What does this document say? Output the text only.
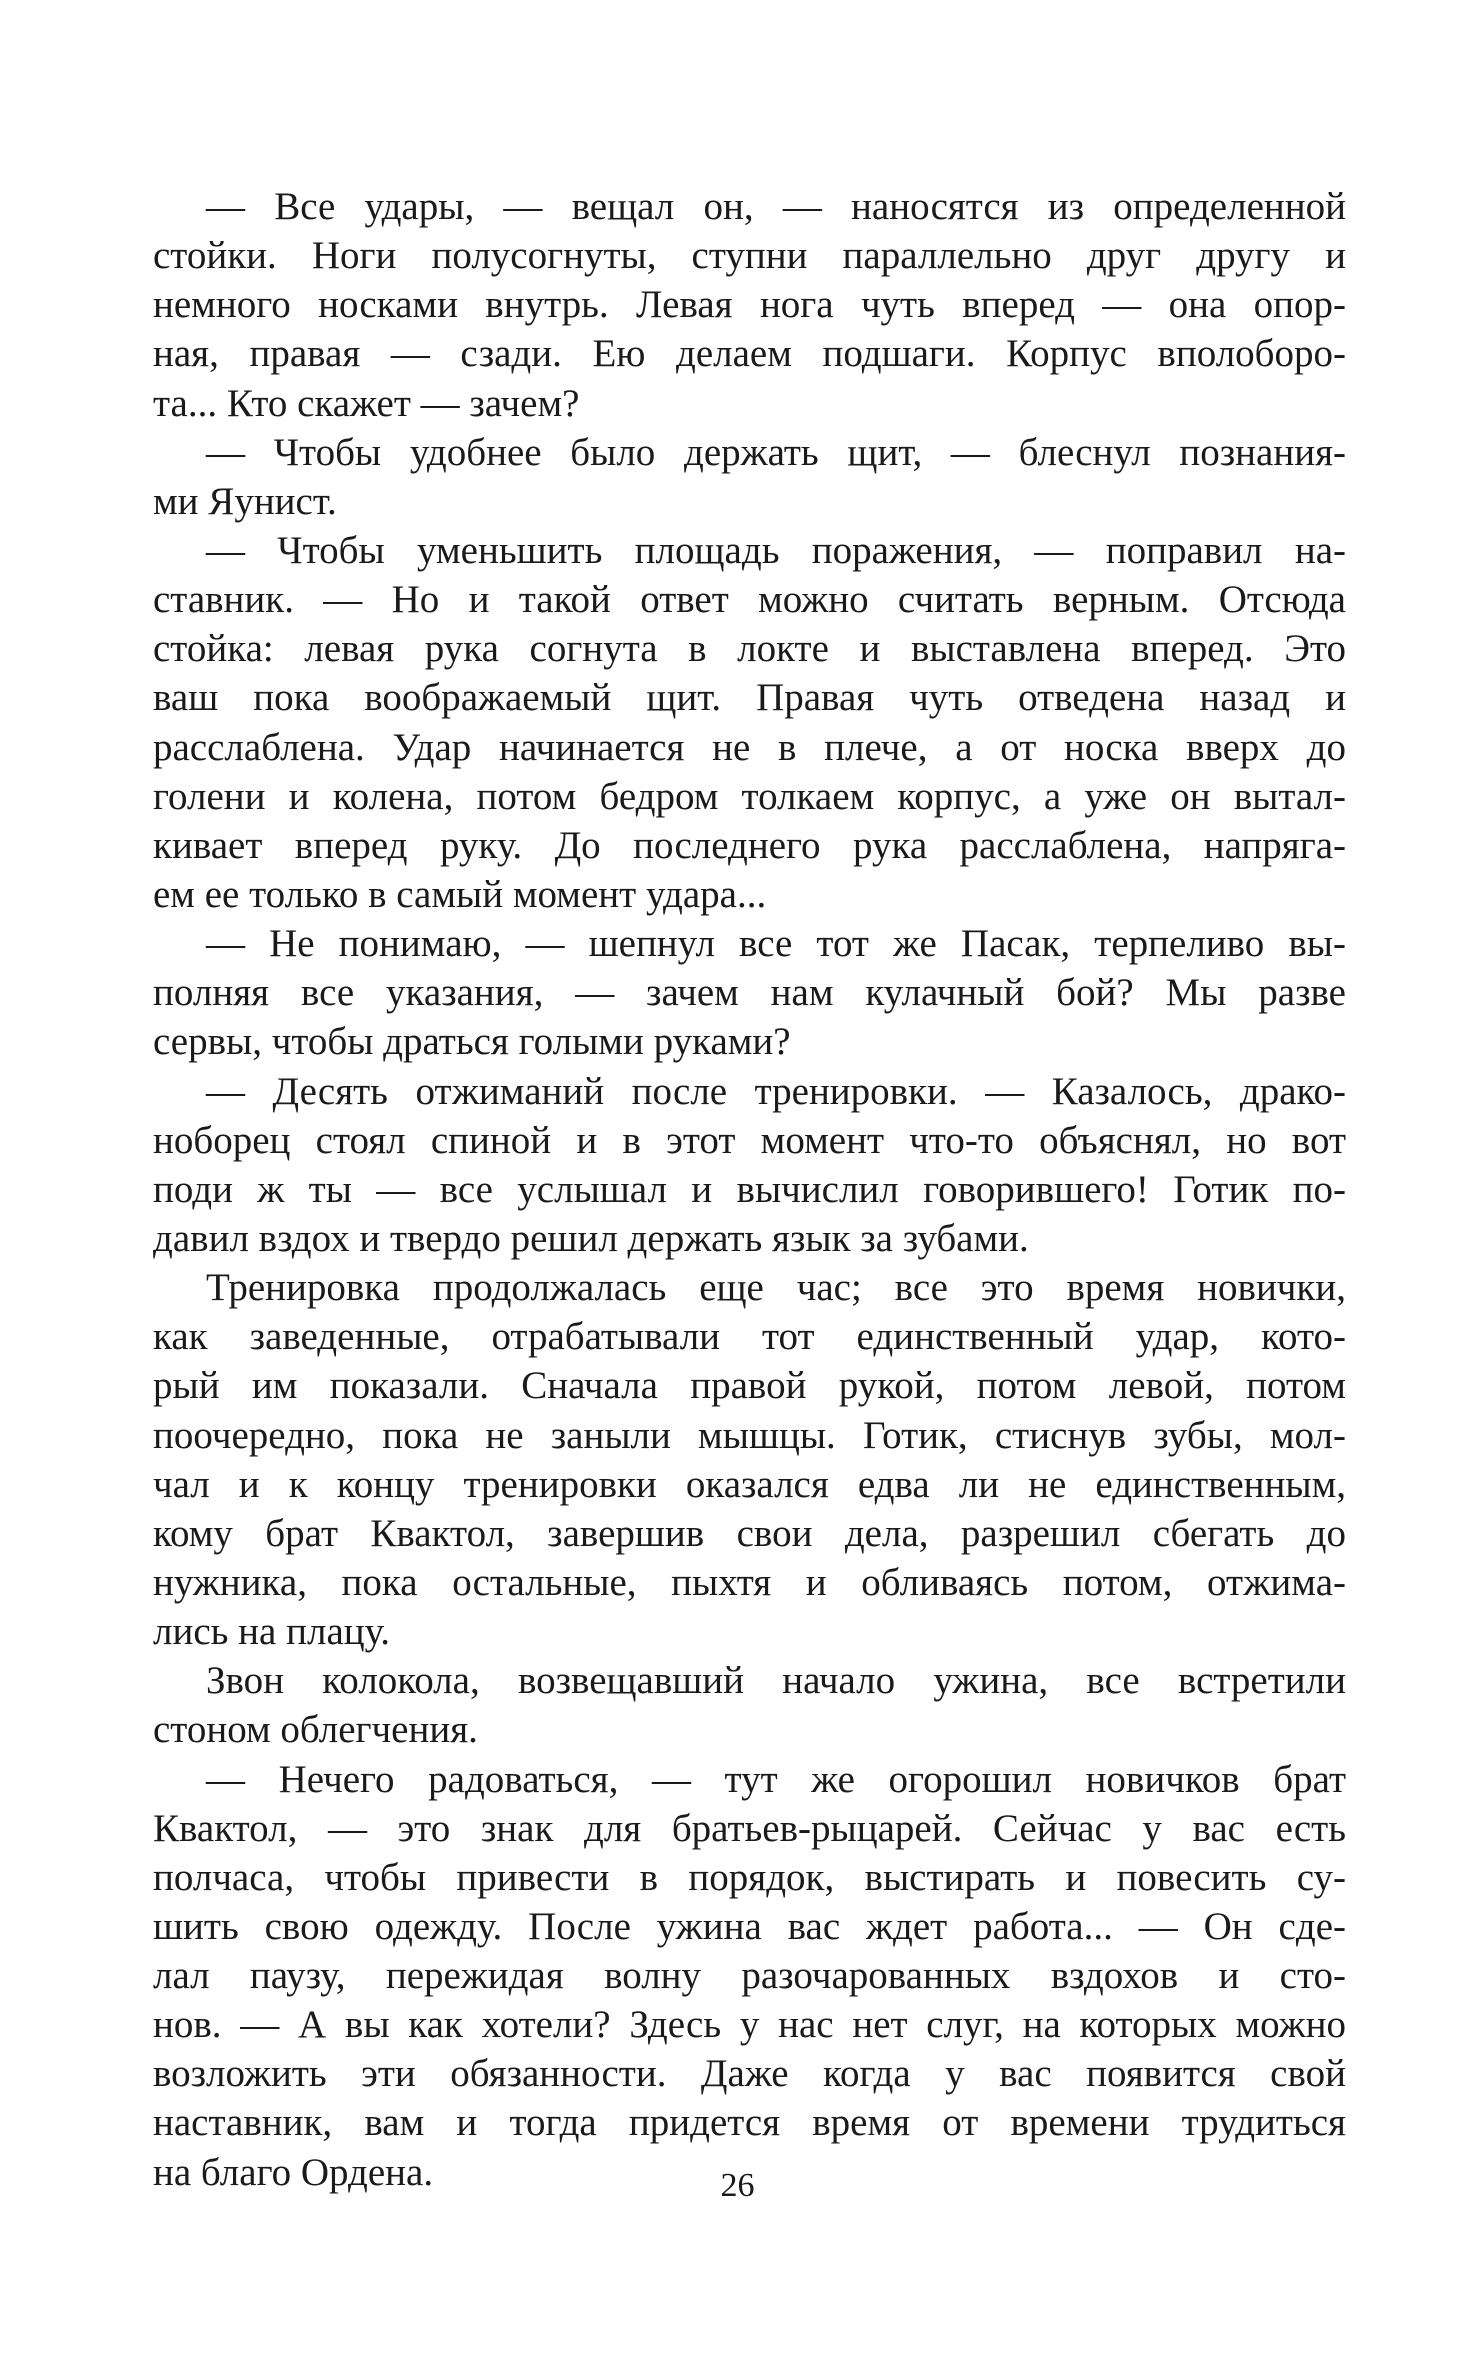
— Все удары, — вещал он, — наносятся из определенной
стойки. Ноги полусогнуты, ступни параллельно друг другу и
немного носками внутрь. Левая нога чуть вперед — она опор-
ная, правая — сзади. Ею делаем подшаги. Корпус вполоборо-
та... Кто скажет — зачем?
— Чтобы удобнее было держать щит, — блеснул познания-
ми Яунист.
— Чтобы уменьшить площадь поражения, — поправил на-
ставник. — Но и такой ответ можно считать верным. Отсюда
стойка: левая рука согнута в локте и выставлена вперед. Это
ваш пока воображаемый щит. Правая чуть отведена назад и
расслаблена. Удар начинается не в плече, а от носка вверх до
голени и колена, потом бедром толкаем корпус, а уже он вытал-
кивает вперед руку. До последнего рука расслаблена, напряга-
ем ее только в самый момент удара...
— Не понимаю, — шепнул все тот же Пасак, терпеливо вы-
полняя все указания, — зачем нам кулачный бой? Мы разве
сервы, чтобы драться голыми руками?
— Десять отжиманий после тренировки. — Казалось, драко-
ноборец стоял спиной и в этот момент что-то объяснял, но вот
поди ж ты — все услышал и вычислил говорившего! Готик по-
давил вздох и твердо решил держать язык за зубами.
Тренировка продолжалась еще час; все это время новички,
как заведенные, отрабатывали тот единственный удар, кото-
рый им показали. Сначала правой рукой, потом левой, потом
поочередно, пока не заныли мышцы. Готик, стиснув зубы, мол-
чал и к концу тренировки оказался едва ли не единственным,
кому брат Квактол, завершив свои дела, разрешил сбегать до
нужника, пока остальные, пыхтя и обливаясь потом, отжима-
лись на плацу.
Звон колокола, возвещавший начало ужина, все встретили
стоном облегчения.
— Нечего радоваться, — тут же огорошил новичков брат
Квактол, — это знак для братьев-рыцарей. Сейчас у вас есть
полчаса, чтобы привести в порядок, выстирать и повесить су-
шить свою одежду. После ужина вас ждет работа... — Он сде-
лал паузу, пережидая волну разочарованных вздохов и сто-
нов. — А вы как хотели? Здесь у нас нет слуг, на которых можно
возложить эти обязанности. Даже когда у вас появится свой
наставник, вам и тогда придется время от времени трудиться
на благо Ордена.	26
